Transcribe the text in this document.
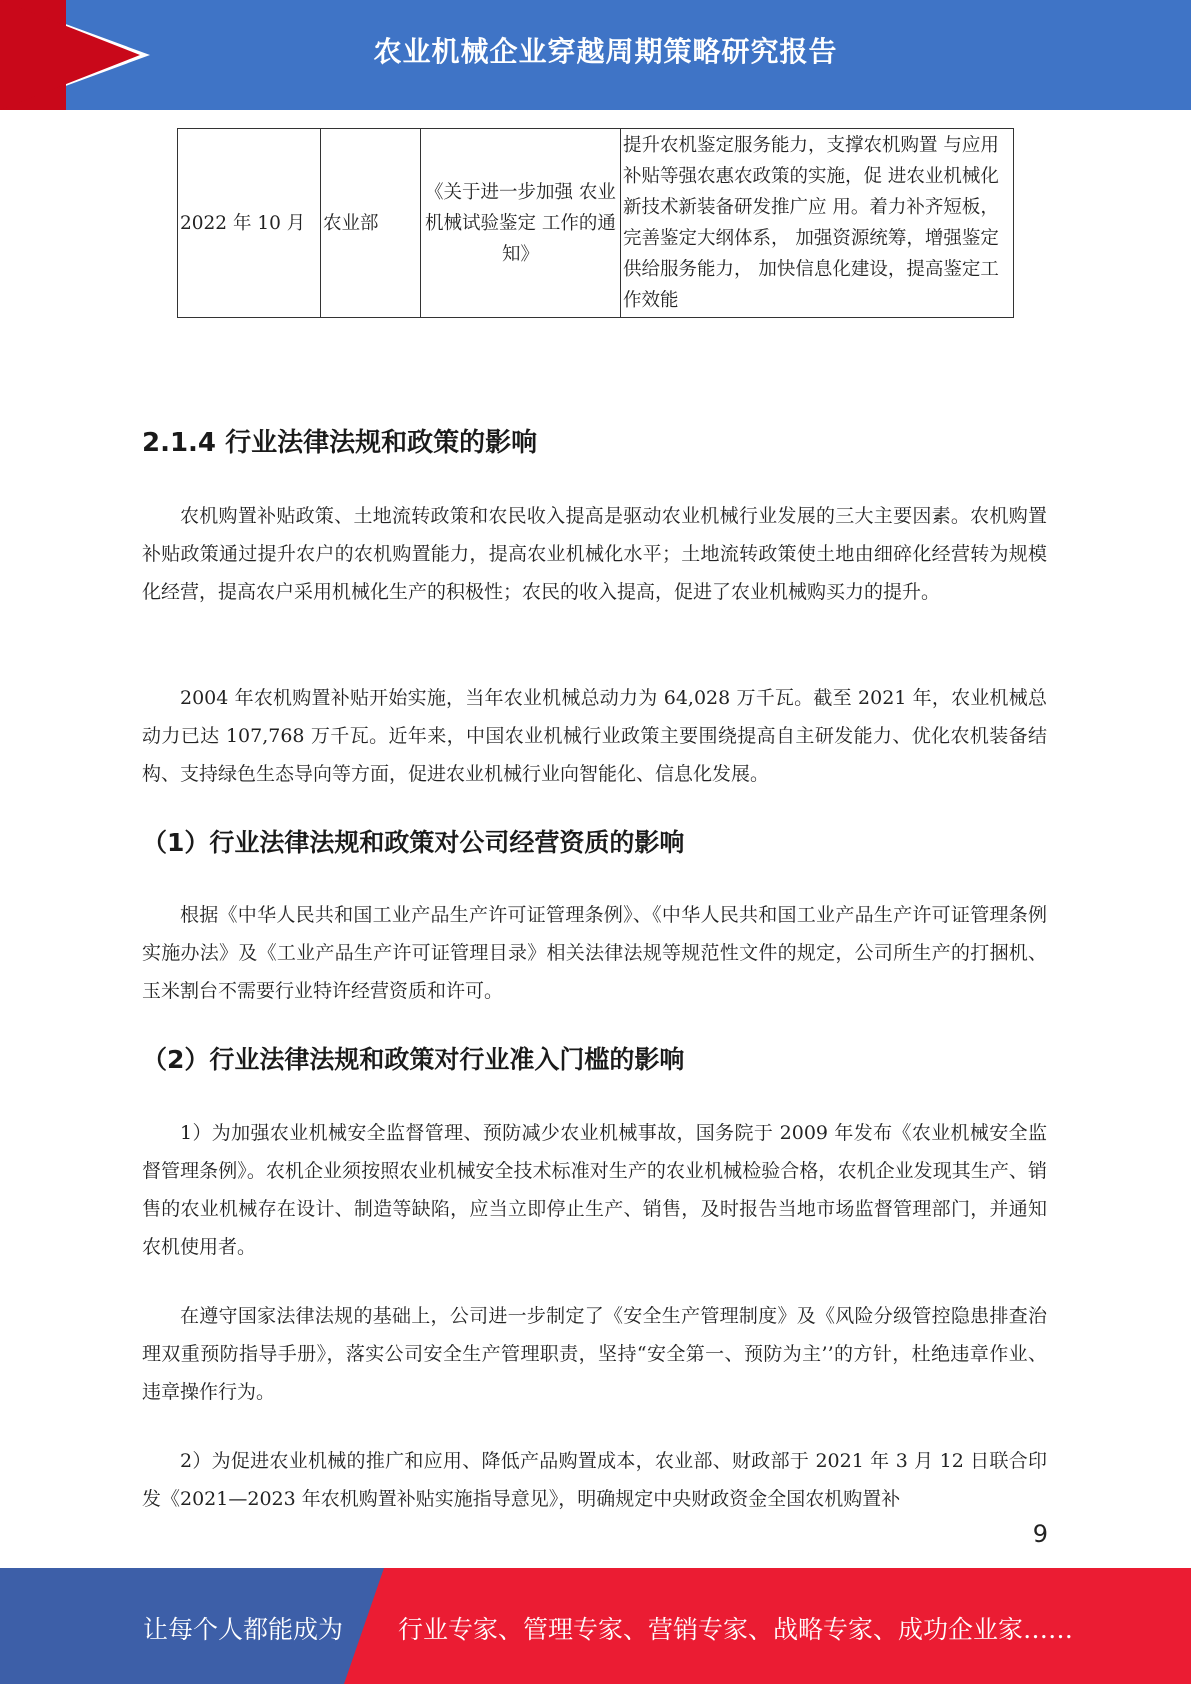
农业机械企业穿越周期策略研究报告
2022 年 10 月	农业部	《关于进一步加强 农业机械试验鉴定 工作的通知》	提升农机鉴定服务能力，支撑农机购置 与应用补贴等强农惠农政策的实施，促 进农业机械化新技术新装备研发推广应 用。着力补齐短板，完善鉴定大纲体系， 加强资源统筹，增强鉴定供给服务能力， 加快信息化建设，提高鉴定工作效能
2.1.4 行业法律法规和政策的影响

农机购置补贴政策、土地流转政策和农民收入提高是驱动农业机械行业发展的三大主要因素。农机购置补贴政策通过提升农户的农机购置能力，提高农业机械化水平；土地流转政策使土地由细碎化经营转为规模化经营，提高农户采用机械化生产的积极性；农民的收入提高，促进了农业机械购买力的提升。

2004 年农机购置补贴开始实施，当年农业机械总动力为 64,028 万千瓦。截至 2021 年，农业机械总动力已达 107,768 万千瓦。近年来，中国农业机械行业政策主要围绕提高自主研发能力、优化农机装备结构、支持绿色生态导向等方面，促进农业机械行业向智能化、信息化发展。

（1）行业法律法规和政策对公司经营资质的影响

根据《中华人民共和国工业产品生产许可证管理条例》、《中华人民共和国工业产品生产许可证管理条例实施办法》及《工业产品生产许可证管理目录》相关法律法规等规范性文件的规定，公司所生产的打捆机、玉米割台不需要行业特许经营资质和许可。

（2）行业法律法规和政策对行业准入门槛的影响

1）为加强农业机械安全监督管理、预防减少农业机械事故，国务院于 2009 年发布《农业机械安全监督管理条例》。农机企业须按照农业机械安全技术标准对生产的农业机械检验合格，农机企业发现其生产、销售的农业机械存在设计、制造等缺陷，应当立即停止生产、销售，及时报告当地市场监督管理部门，并通知农机使用者。

在遵守国家法律法规的基础上，公司进一步制定了《安全生产管理制度》及《风险分级管控隐患排查治理双重预防指导手册》，落实公司安全生产管理职责，坚持“安全第一、预防为主’’的方针，杜绝违章作业、违章操作行为。

2）为促进农业机械的推广和应用、降低产品购置成本，农业部、财政部于 2021 年 3 月 12 日联合印发《2021—2023 年农机购置补贴实施指导意见》，明确规定中央财政资金全国农机购置补

9
让每个人都能成为 行业专家、管理专家、营销专家、战略专家、成功企业家……
